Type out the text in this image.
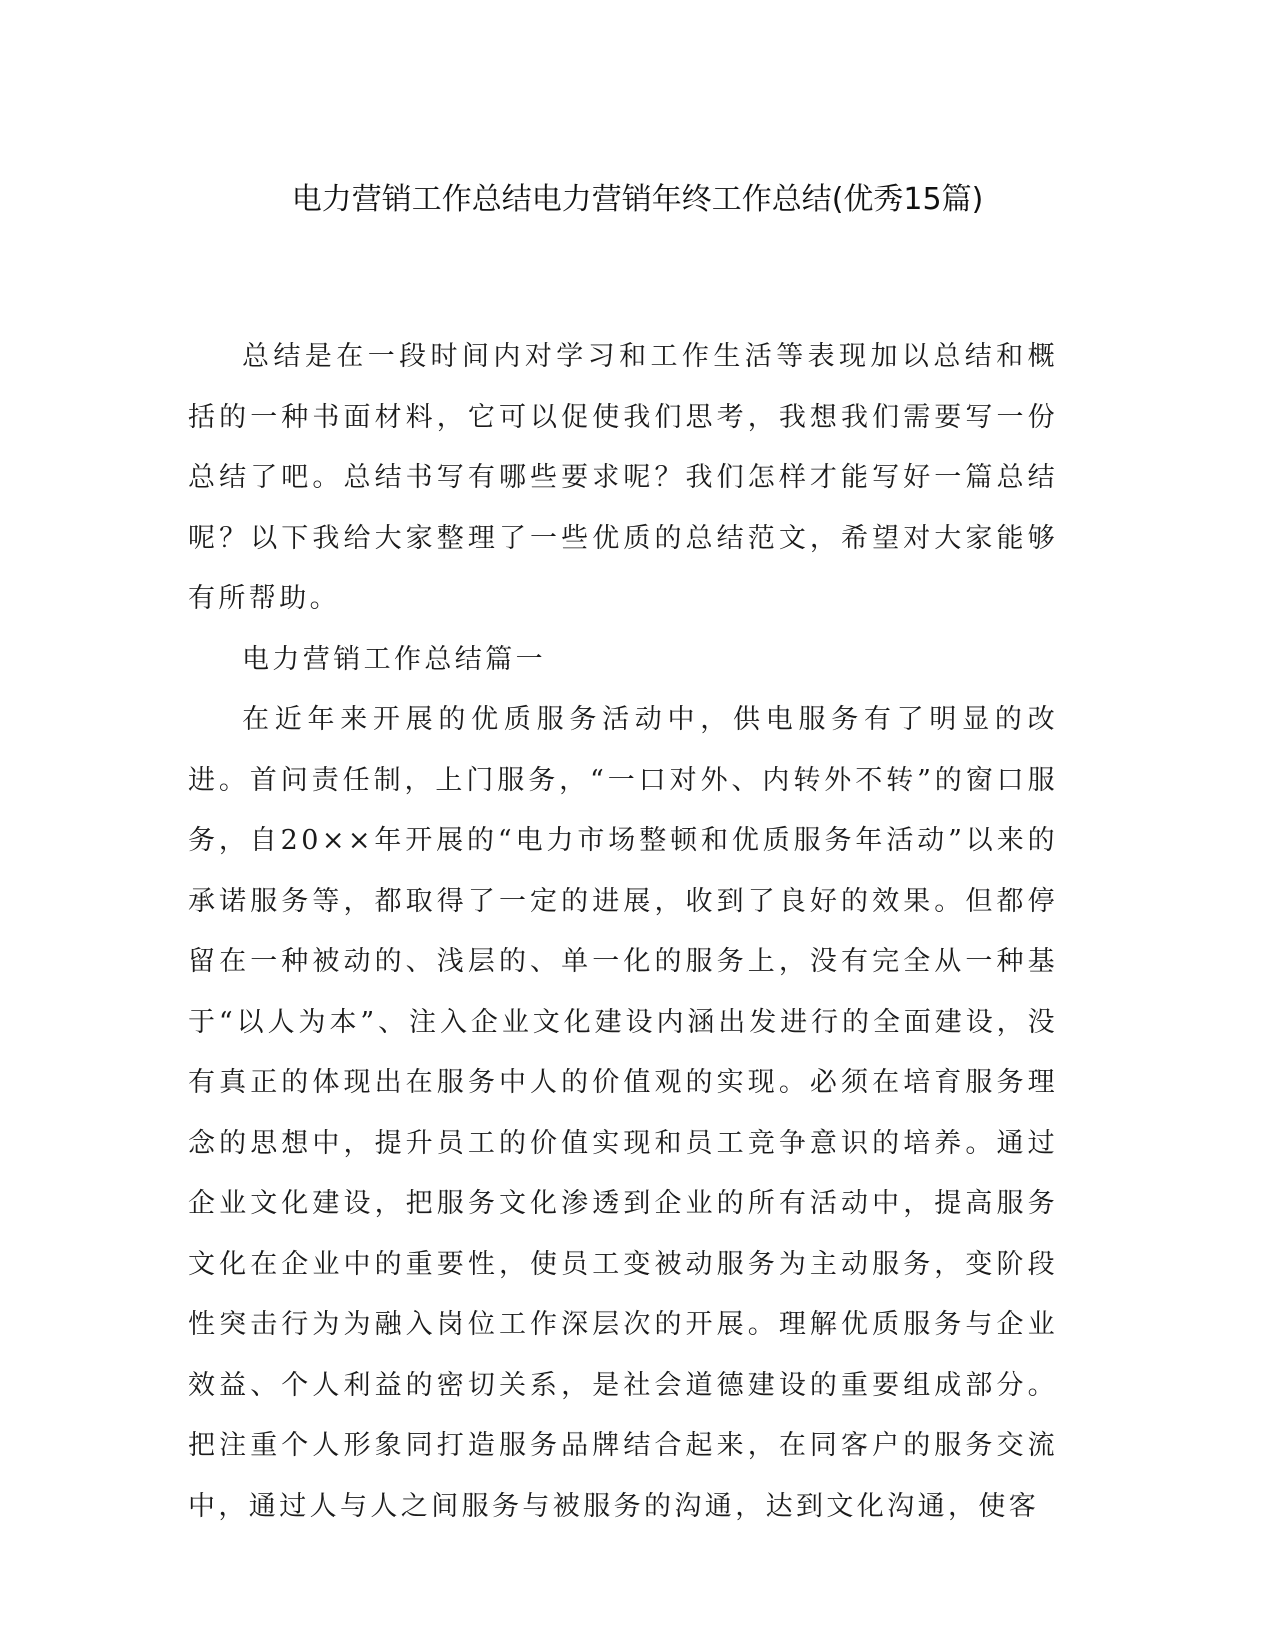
电力营销工作总结电力营销年终工作总结(优秀15篇)

总结是在一段时间内对学习和工作生活等表现加以总结和概括的一种书面材料，它可以促使我们思考，我想我们需要写一份总结了吧。总结书写有哪些要求呢？我们怎样才能写好一篇总结呢？以下我给大家整理了一些优质的总结范文，希望对大家能够有所帮助。

电力营销工作总结篇一

在近年来开展的优质服务活动中，供电服务有了明显的改进。首问责任制，上门服务，“一口对外、内转外不转”的窗口服务，自20××年开展的“电力市场整顿和优质服务年活动”以来的承诺服务等，都取得了一定的进展，收到了良好的效果。但都停留在一种被动的、浅层的、单一化的服务上，没有完全从一种基于“以人为本”、注入企业文化建设内涵出发进行的全面建设，没有真正的体现出在服务中人的价值观的实现。必须在培育服务理念的思想中，提升员工的价值实现和员工竞争意识的培养。通过企业文化建设，把服务文化渗透到企业的所有活动中，提高服务文化在企业中的重要性，使员工变被动服务为主动服务，变阶段性突击行为为融入岗位工作深层次的开展。理解优质服务与企业效益、个人利益的密切关系，是社会道德建设的重要组成部分。把注重个人形象同打造服务品牌结合起来，在同客户的服务交流中，通过人与人之间服务与被服务的沟通，达到文化沟通，使客
